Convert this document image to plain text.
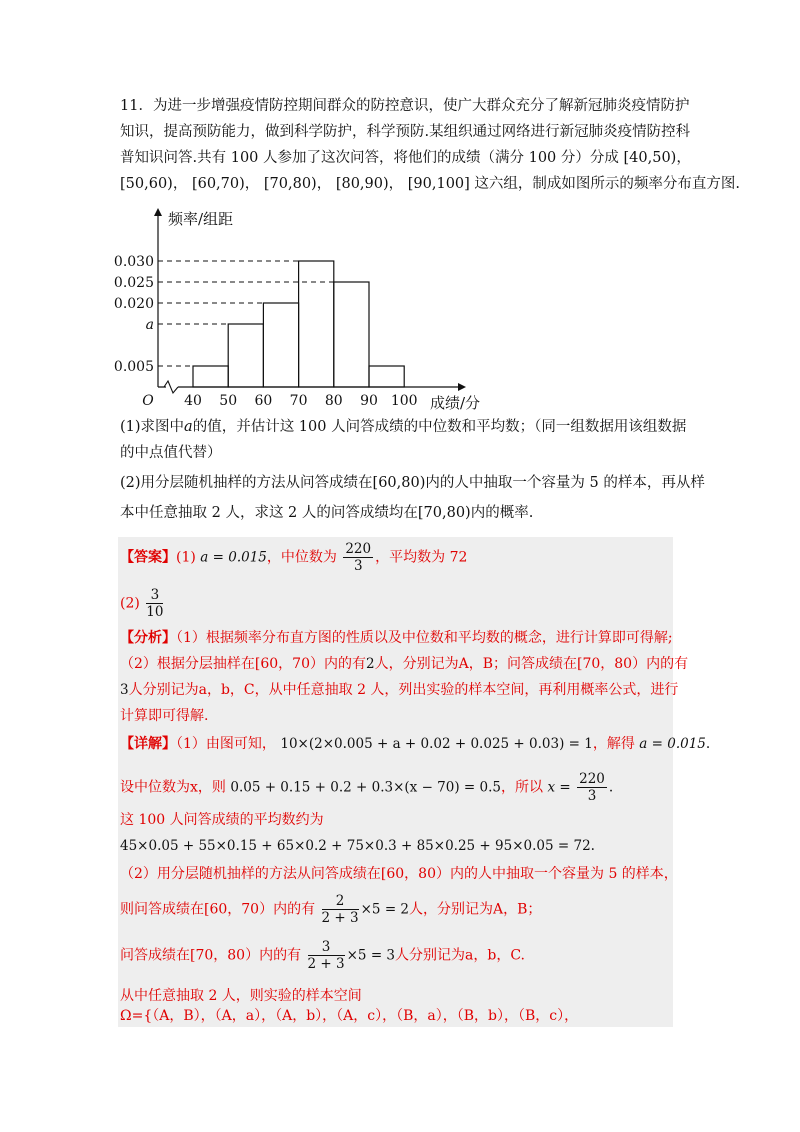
11．为进一步增强疫情防控期间群众的防控意识，使广大群众充分了解新冠肺炎疫情防护

知识，提高预防能力，做到科学防护，科学预防.某组织通过网络进行新冠肺炎疫情防控科

普知识问答.共有 100 人参加了这次问答，将他们的成绩（满分 100 分）分成 [40,50)，

[50,60)， [60,70)， [70,80)， [80,90)， [90,100] 这六组，制成如图所示的频率分布直方图.

0.005
a
0.020
0.025
0.030
40 50 60 70 80 90 100
O
频率/组距
成绩/分

(1)求图中a的值，并估计这 100 人问答成绩的中位数和平均数；（同一组数据用该组数据

的中点值代替）

(2)用分层随机抽样的方法从问答成绩在[60,80)内的人中抽取一个容量为 5 的样本，再从样

本中任意抽取 2 人，求这 2 人的问答成绩均在[70,80)内的概率.

【答案】(1) a = 0.015，中位数为 $\frac{220}{3}$ ，平均数为 72
$(2) \frac{3}{10}$
【分析】（1）根据频率分布直方图的性质以及中位数和平均数的概念，进行计算即可得解;
（2）根据分层抽样在[60，70）内的有2人，分别记为A，B；问答成绩在[70，80）内的有
3人分别记为a，b，C，从中任意抽取 2 人，列出实验的样本空间，再利用概率公式，进行
计算即可得解.
【详解】（1）由图可知， 10×(2×0.005 + a + 0.02 + 0.025 + 0.03) = 1，解得 a = 0.015.
设中位数为x，则 0.05 + 0.15 + 0.2 + 0.3×(x − 70) = 0.5，所以 $x = \frac{220}{3}$ .
这 100 人问答成绩的平均数约为
45×0.05 + 55×0.15 + 65×0.2 + 75×0.3 + 85×0.25 + 95×0.05 = 72.
（2）用分层随机抽样的方法从问答成绩在[60，80）内的人中抽取一个容量为 5 的样本，
则问答成绩在[60，70）内的有 $\frac{2}{2 + 3} \times 5 = 2$人，分别记为A，B；
问答成绩在[70，80）内的有 $\frac{3}{2 + 3} \times 5 = 3$人分别记为a，b，C.
从中任意抽取 2 人，则实验的样本空间
Ω={（A，B），（A，a），（A，b），（A，c），（B，a），（B，b），（B，c），
